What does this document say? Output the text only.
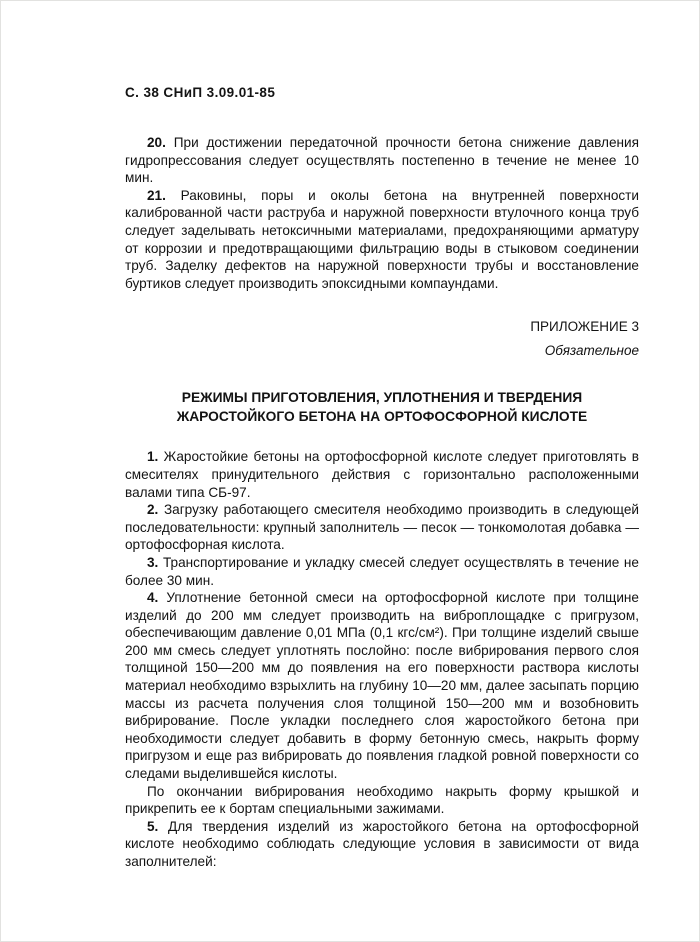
С. 38 СНиП 3.09.01-85

20. При достижении передаточной прочности бетона снижение давления гидропрессования следует осуществлять постепенно в течение не менее 10 мин.

21. Раковины, поры и околы бетона на внутренней поверхности калиброванной части раструба и наружной поверхности втулочного конца труб следует заделывать нетоксичными материалами, предохраняющими арматуру от коррозии и предотвращающими фильтрацию воды в стыковом соединении труб. Заделку дефектов на наружной поверхности трубы и восстановление буртиков следует производить эпоксидными компаундами.

ПРИЛОЖЕНИЕ 3
Обязательное
РЕЖИМЫ ПРИГОТОВЛЕНИЯ, УПЛОТНЕНИЯ И ТВЕРДЕНИЯ
ЖАРОСТОЙКОГО БЕТОНА НА ОРТОФОСФОРНОЙ КИСЛОТЕ

1. Жаростойкие бетоны на ортофосфорной кислоте следует приготовлять в смесителях принудительного действия с горизонтально расположенными валами типа СБ-97.

2. Загрузку работающего смесителя необходимо производить в следующей последовательности: крупный заполнитель — песок — тонкомолотая добавка — ортофосфорная кислота.

3. Транспортирование и укладку смесей следует осуществлять в течение не более 30 мин.

4. Уплотнение бетонной смеси на ортофосфорной кислоте при толщине изделий до 200 мм следует производить на виброплощадке с пригрузом, обеспечивающим давление 0,01 МПа (0,1 кгс/см²). При толщине изделий свыше 200 мм смесь следует уплотнять послойно: после вибрирования первого слоя толщиной 150—200 мм до появления на его поверхности раствора кислоты материал необходимо взрыхлить на глубину 10—20 мм, далее засыпать порцию массы из расчета получения слоя толщиной 150—200 мм и возобновить вибрирование. После укладки последнего слоя жаростойкого бетона при необходимости следует добавить в форму бетонную смесь, накрыть форму пригрузом и еще раз вибрировать до появления гладкой ровной поверхности со следами выделившейся кислоты.

По окончании вибрирования необходимо накрыть форму крышкой и прикрепить ее к бортам специальными зажимами.

5. Для твердения изделий из жаростойкого бетона на ортофосфорной кислоте необходимо соблюдать следующие условия в зависимости от вида заполнителей:
